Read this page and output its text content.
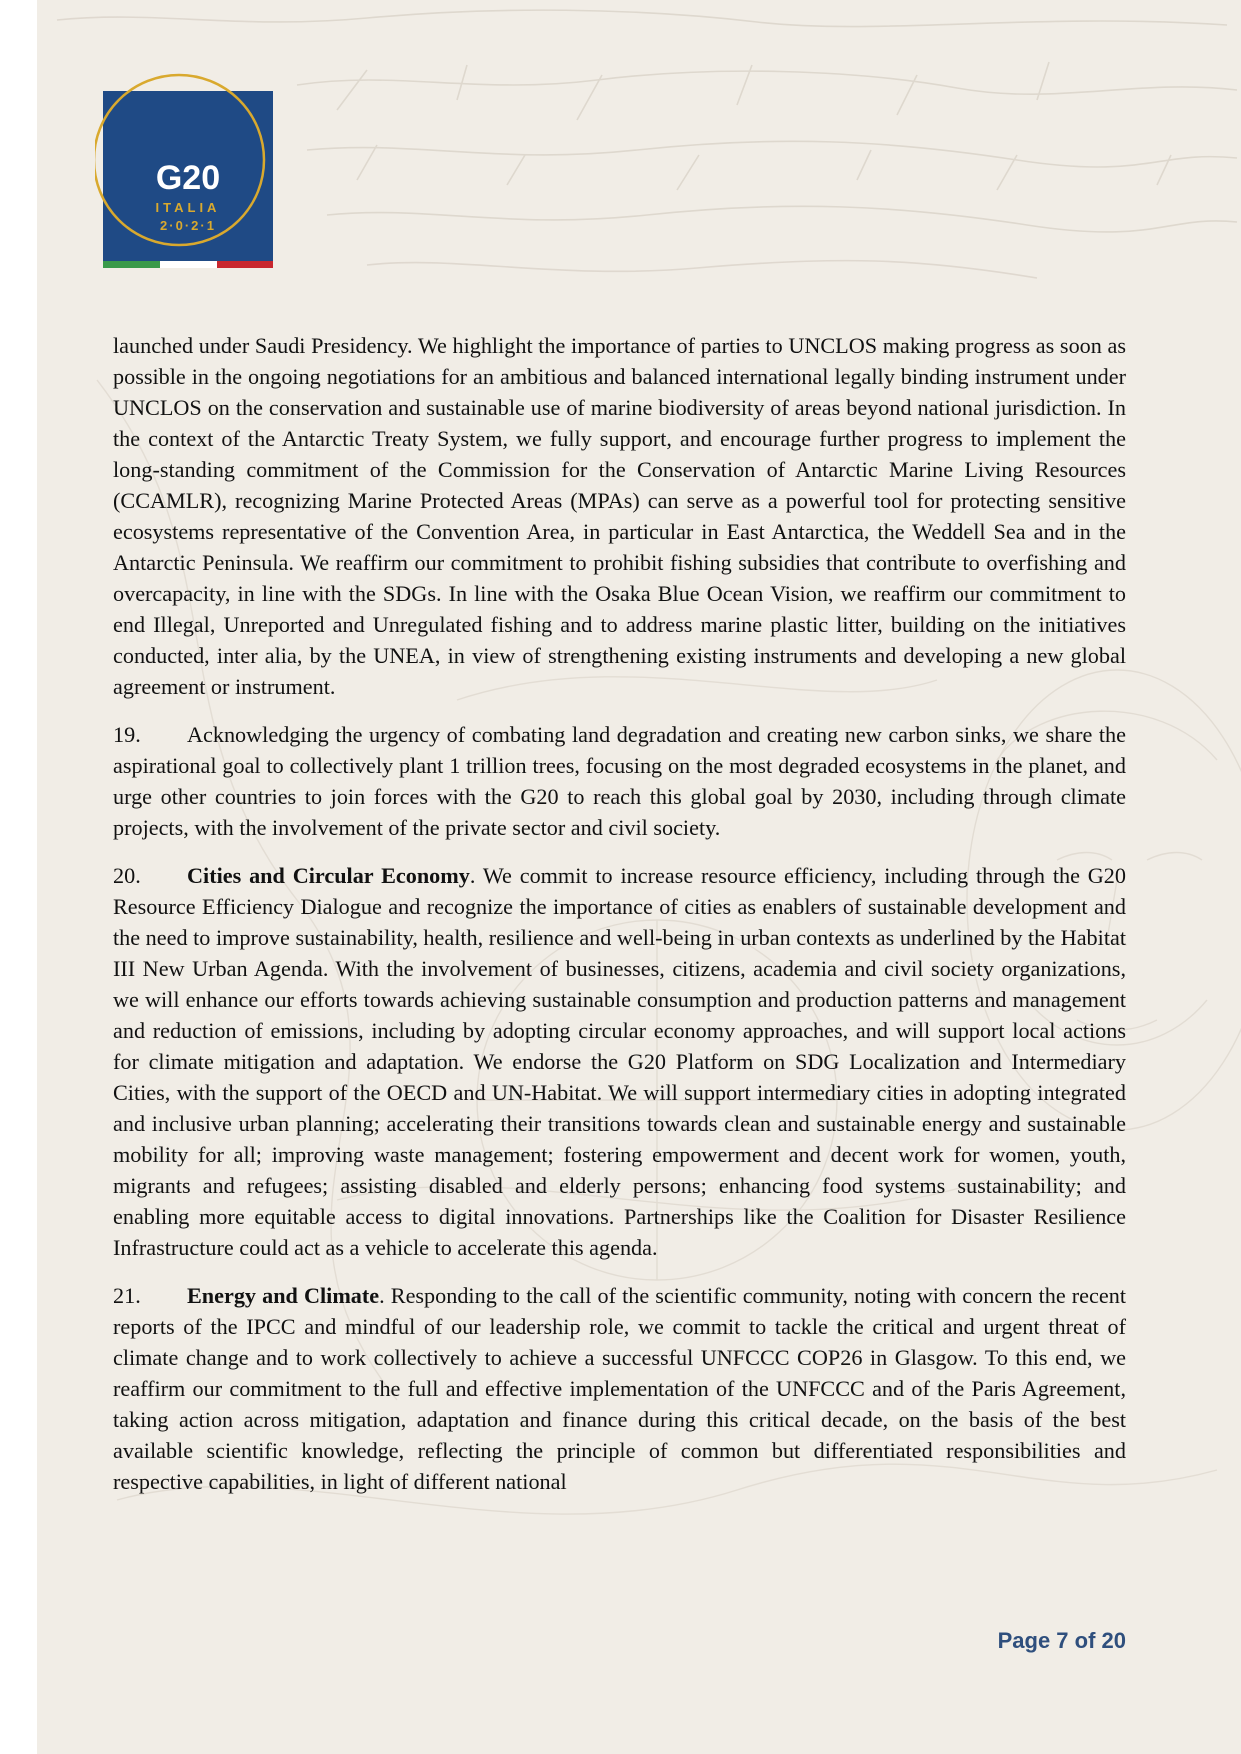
G20
ITALIA
2·0·2·1

launched under Saudi Presidency. We highlight the importance of parties to UNCLOS making progress as soon as possible in the ongoing negotiations for an ambitious and balanced international legally binding instrument under UNCLOS on the conservation and sustainable use of marine biodiversity of areas beyond national jurisdiction. In the context of the Antarctic Treaty System, we fully support, and encourage further progress to implement the long-standing commitment of the Commission for the Conservation of Antarctic Marine Living Resources (CCAMLR), recognizing Marine Protected Areas (MPAs) can serve as a powerful tool for protecting sensitive ecosystems representative of the Convention Area, in particular in East Antarctica, the Weddell Sea and in the Antarctic Peninsula. We reaffirm our commitment to prohibit fishing subsidies that contribute to overfishing and overcapacity, in line with the SDGs. In line with the Osaka Blue Ocean Vision, we reaffirm our commitment to end Illegal, Unreported and Unregulated fishing and to address marine plastic litter, building on the initiatives conducted, inter alia, by the UNEA, in view of strengthening existing instruments and developing a new global agreement or instrument.

19. Acknowledging the urgency of combating land degradation and creating new carbon sinks, we share the aspirational goal to collectively plant 1 trillion trees, focusing on the most degraded ecosystems in the planet, and urge other countries to join forces with the G20 to reach this global goal by 2030, including through climate projects, with the involvement of the private sector and civil society.

20. Cities and Circular Economy. We commit to increase resource efficiency, including through the G20 Resource Efficiency Dialogue and recognize the importance of cities as enablers of sustainable development and the need to improve sustainability, health, resilience and well-being in urban contexts as underlined by the Habitat III New Urban Agenda. With the involvement of businesses, citizens, academia and civil society organizations, we will enhance our efforts towards achieving sustainable consumption and production patterns and management and reduction of emissions, including by adopting circular economy approaches, and will support local actions for climate mitigation and adaptation. We endorse the G20 Platform on SDG Localization and Intermediary Cities, with the support of the OECD and UN-Habitat. We will support intermediary cities in adopting integrated and inclusive urban planning; accelerating their transitions towards clean and sustainable energy and sustainable mobility for all; improving waste management; fostering empowerment and decent work for women, youth, migrants and refugees; assisting disabled and elderly persons; enhancing food systems sustainability; and enabling more equitable access to digital innovations. Partnerships like the Coalition for Disaster Resilience Infrastructure could act as a vehicle to accelerate this agenda.

21. Energy and Climate. Responding to the call of the scientific community, noting with concern the recent reports of the IPCC and mindful of our leadership role, we commit to tackle the critical and urgent threat of climate change and to work collectively to achieve a successful UNFCCC COP26 in Glasgow. To this end, we reaffirm our commitment to the full and effective implementation of the UNFCCC and of the Paris Agreement, taking action across mitigation, adaptation and finance during this critical decade, on the basis of the best available scientific knowledge, reflecting the principle of common but differentiated responsibilities and respective capabilities, in light of different national

Page 7 of 20
